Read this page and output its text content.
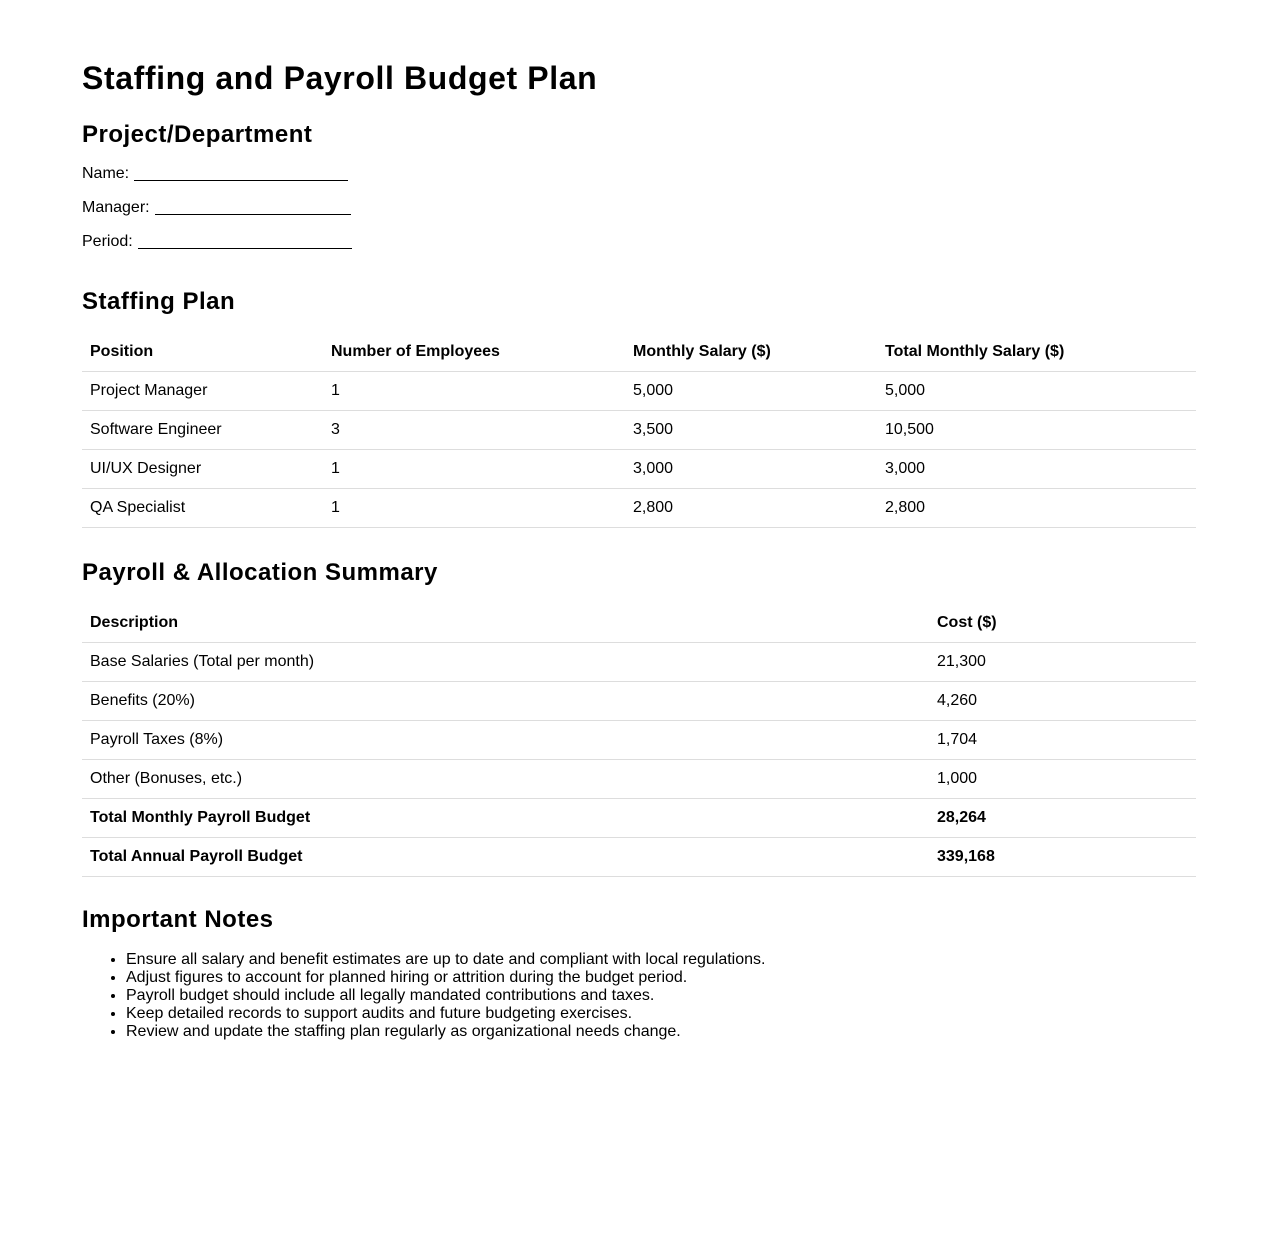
Staffing and Payroll Budget Plan
Project/Department
Name:
Manager:
Period:
Staffing Plan
Position	Number of Employees	Monthly Salary ($)	Total Monthly Salary ($)
Project Manager	1	5,000	5,000
Software Engineer	3	3,500	10,500
UI/UX Designer	1	3,000	3,000
QA Specialist	1	2,800	2,800
Payroll & Allocation Summary
Description	Cost ($)
Base Salaries (Total per month)	21,300
Benefits (20%)	4,260
Payroll Taxes (8%)	1,704
Other (Bonuses, etc.)	1,000
Total Monthly Payroll Budget	28,264
Total Annual Payroll Budget	339,168
Important Notes
• Ensure all salary and benefit estimates are up to date and compliant with local regulations.
• Adjust figures to account for planned hiring or attrition during the budget period.
• Payroll budget should include all legally mandated contributions and taxes.
• Keep detailed records to support audits and future budgeting exercises.
• Review and update the staffing plan regularly as organizational needs change.
